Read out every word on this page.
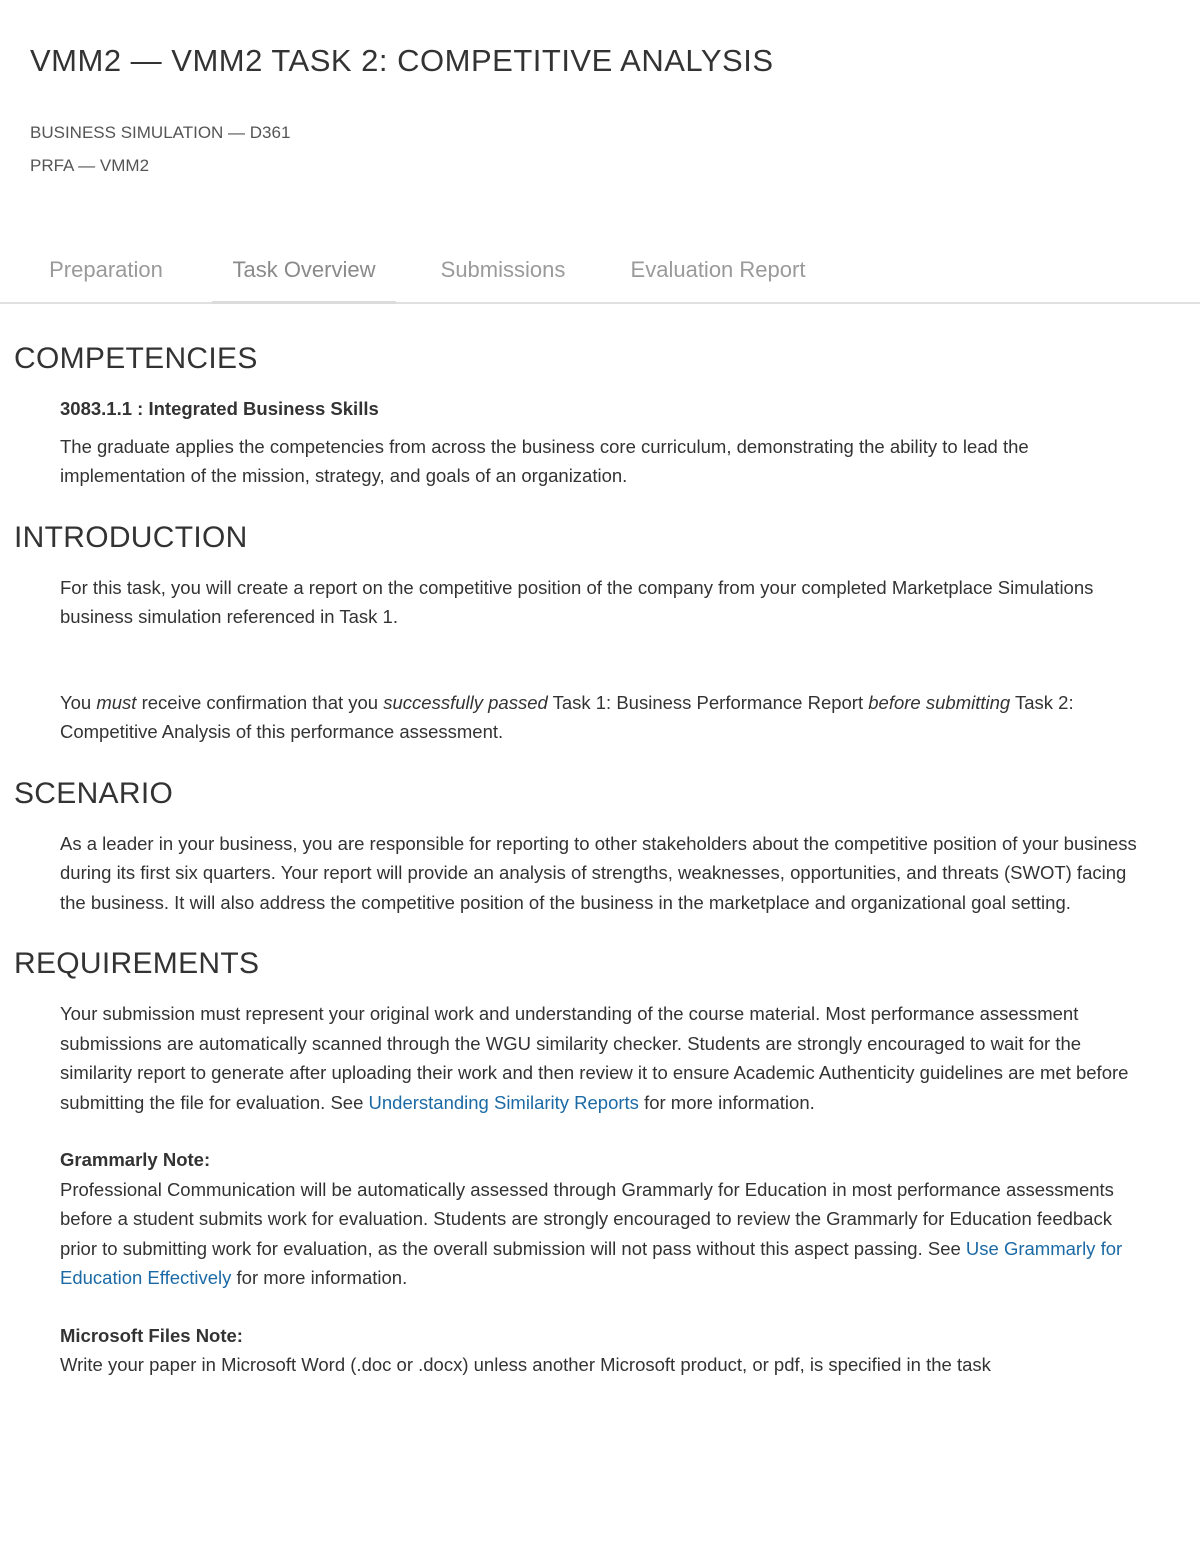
VMM2 — VMM2 TASK 2: COMPETITIVE ANALYSIS
BUSINESS SIMULATION — D361
PRFA — VMM2
Preparation	Task Overview	Submissions	Evaluation Report
COMPETENCIES
3083.1.1 : Integrated Business Skills

The graduate applies the competencies from across the business core curriculum, demonstrating the ability to lead the implementation of the mission, strategy, and goals of an organization.

INTRODUCTION

For this task, you will create a report on the competitive position of the company from your completed Marketplace Simulations business simulation referenced in Task 1.

You must receive confirmation that you successfully passed Task 1: Business Performance Report before submitting Task 2: Competitive Analysis of this performance assessment.

SCENARIO

As a leader in your business, you are responsible for reporting to other stakeholders about the competitive position of your business during its first six quarters. Your report will provide an analysis of strengths, weaknesses, opportunities, and threats (SWOT) facing the business. It will also address the competitive position of the business in the marketplace and organizational goal setting.

REQUIREMENTS

Your submission must represent your original work and understanding of the course material. Most performance assessment submissions are automatically scanned through the WGU similarity checker. Students are strongly encouraged to wait for the similarity report to generate after uploading their work and then review it to ensure Academic Authenticity guidelines are met before submitting the file for evaluation. See Understanding Similarity Reports for more information.

Grammarly Note:

Professional Communication will be automatically assessed through Grammarly for Education in most performance assessments before a student submits work for evaluation. Students are strongly encouraged to review the Grammarly for Education feedback prior to submitting work for evaluation, as the overall submission will not pass without this aspect passing. See Use Grammarly for Education Effectively for more information.

Microsoft Files Note:

Write your paper in Microsoft Word (.doc or .docx) unless another Microsoft product, or pdf, is specified in the task
